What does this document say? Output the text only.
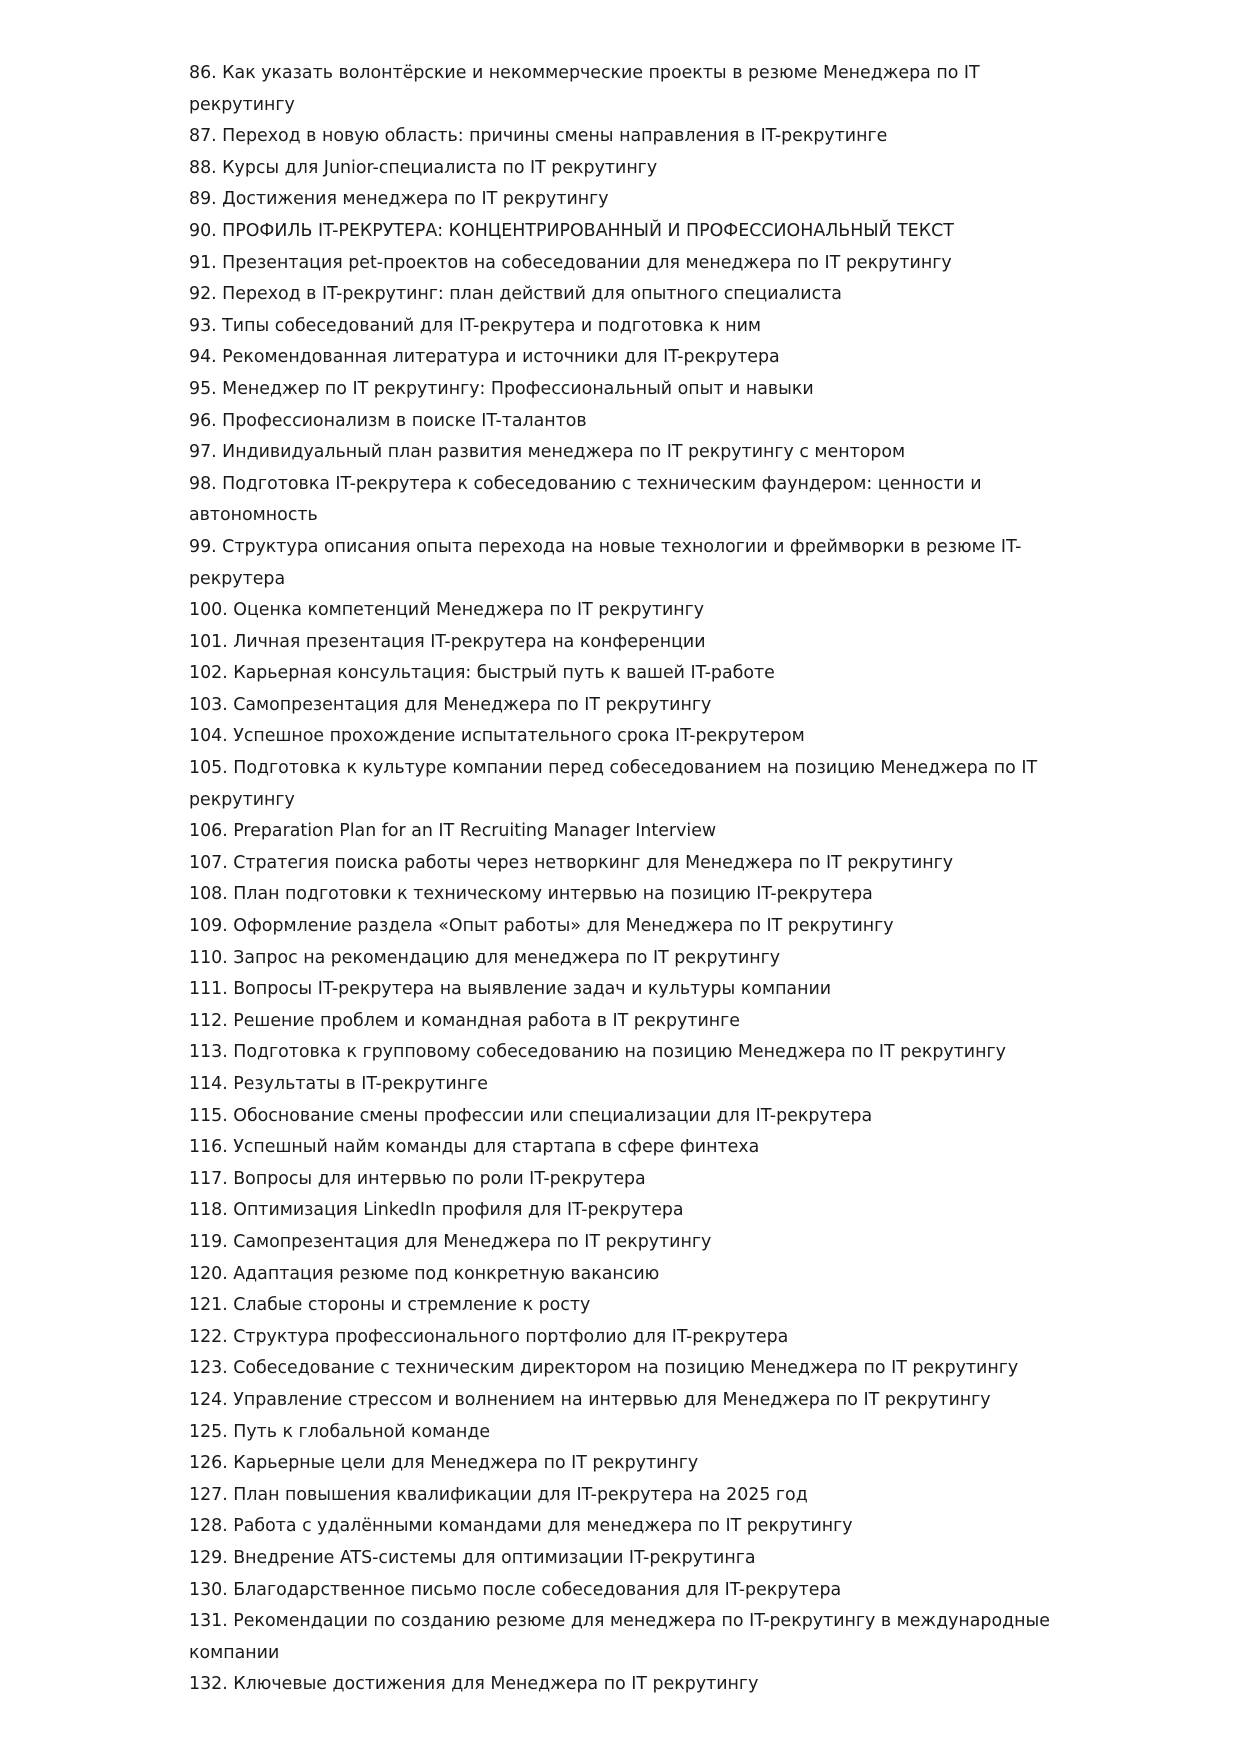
86. Как указать волонтёрские и некоммерческие проекты в резюме Менеджера по IT рекрутингу
87. Переход в новую область: причины смены направления в IT-рекрутинге
88. Курсы для Junior-специалиста по IT рекрутингу
89. Достижения менеджера по IT рекрутингу
90. ПРОФИЛЬ IT-РЕКРУТЕРА: КОНЦЕНТРИРОВАННЫЙ И ПРОФЕССИОНАЛЬНЫЙ ТЕКСТ
91. Презентация pet-проектов на собеседовании для менеджера по IT рекрутингу
92. Переход в IT-рекрутинг: план действий для опытного специалиста
93. Типы собеседований для IT-рекрутера и подготовка к ним
94. Рекомендованная литература и источники для IT-рекрутера
95. Менеджер по IT рекрутингу: Профессиональный опыт и навыки
96. Профессионализм в поиске IT-талантов
97. Индивидуальный план развития менеджера по IT рекрутингу с ментором
98. Подготовка IT-рекрутера к собеседованию с техническим фаундером: ценности и автономность
99. Структура описания опыта перехода на новые технологии и фреймворки в резюме IT-рекрутера
100. Оценка компетенций Менеджера по IT рекрутингу
101. Личная презентация IT-рекрутера на конференции
102. Карьерная консультация: быстрый путь к вашей IT-работе
103. Самопрезентация для Менеджера по IT рекрутингу
104. Успешное прохождение испытательного срока IT-рекрутером
105. Подготовка к культуре компании перед собеседованием на позицию Менеджера по IT рекрутингу
106. Preparation Plan for an IT Recruiting Manager Interview
107. Стратегия поиска работы через нетворкинг для Менеджера по IT рекрутингу
108. План подготовки к техническому интервью на позицию IT-рекрутера
109. Оформление раздела «Опыт работы» для Менеджера по IT рекрутингу
110. Запрос на рекомендацию для менеджера по IT рекрутингу
111. Вопросы IT-рекрутера на выявление задач и культуры компании
112. Решение проблем и командная работа в IT рекрутинге
113. Подготовка к групповому собеседованию на позицию Менеджера по IT рекрутингу
114. Результаты в IT-рекрутинге
115. Обоснование смены профессии или специализации для IT-рекрутера
116. Успешный найм команды для стартапа в сфере финтеха
117. Вопросы для интервью по роли IT-рекрутера
118. Оптимизация LinkedIn профиля для IT-рекрутера
119. Самопрезентация для Менеджера по IT рекрутингу
120. Адаптация резюме под конкретную вакансию
121. Слабые стороны и стремление к росту
122. Структура профессионального портфолио для IT-рекрутера
123. Собеседование с техническим директором на позицию Менеджера по IT рекрутингу
124. Управление стрессом и волнением на интервью для Менеджера по IT рекрутингу
125. Путь к глобальной команде
126. Карьерные цели для Менеджера по IT рекрутингу
127. План повышения квалификации для IT-рекрутера на 2025 год
128. Работа с удалёнными командами для менеджера по IT рекрутингу
129. Внедрение ATS-системы для оптимизации IT-рекрутинга
130. Благодарственное письмо после собеседования для IT-рекрутера
131. Рекомендации по созданию резюме для менеджера по IT-рекрутингу в международные компании
132. Ключевые достижения для Менеджера по IT рекрутингу
